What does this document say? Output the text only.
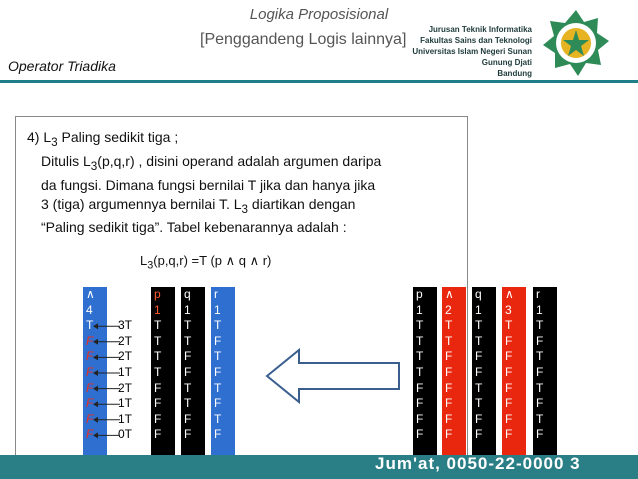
Logika Proposisional
[Penggandeng Logis lainnya]
Jurusan Teknik Informatika
Fakultas Sains dan Teknologi
Universitas Islam Negeri Sunan Gunung Djati
Bandung
Operator Triadika
4) $L_3$ Paling sedikit tiga ;
Ditulis $L_3(p,q,r)$ , disini operand adalah argumen daripa
da fungsi. Dimana fungsi bernilai T jika dan hanya jika
3 (tiga) argumennya bernilai T. $L_3$ diartikan dengan
“Paling sedikit tiga”. Tabel kebenarannya adalah :
$L_3(p,q,r) =T$ (p ∧ q ∧ r)
∧
4
T
F
F
F
F
F
F
F
3T
2T
2T
1T
2T
1T
1T
0T
p
1
T
T
T
T
F
F
F
F
q
1
T
T
F
F
T
T
F
F
r
1
T
F
T
F
T
F
T
F
p
1
T
T
T
T
F
F
F
F
∧
2
T
T
F
F
F
F
F
F
q
1
T
T
F
F
T
T
F
F
∧
3
T
F
F
F
F
F
F
F
r
1
T
F
T
F
T
F
T
F
Jum'at, 0050-22-0000 3
